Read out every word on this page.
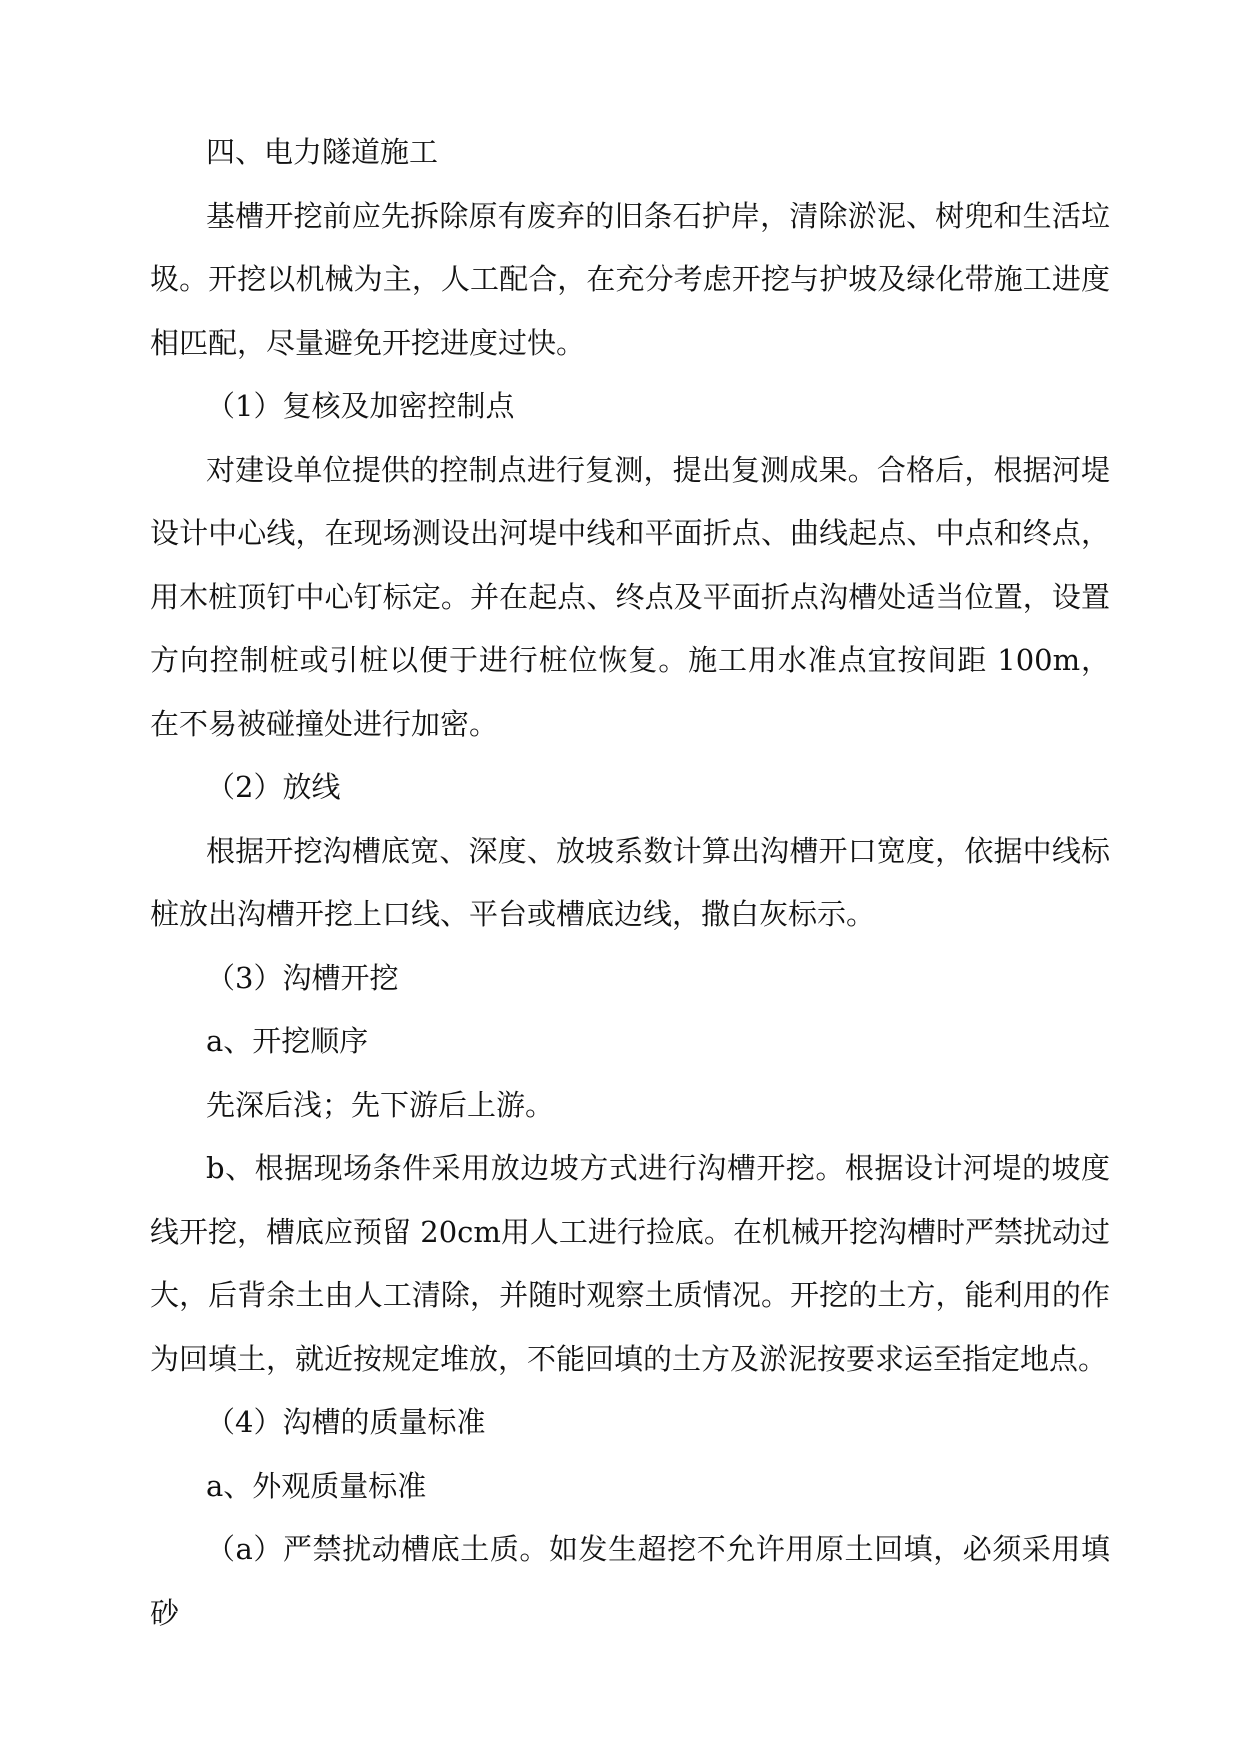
四、电力隧道施工

基槽开挖前应先拆除原有废弃的旧条石护岸，清除淤泥、树兜和生活垃圾。开挖以机械为主，人工配合，在充分考虑开挖与护坡及绿化带施工进度相匹配，尽量避免开挖进度过快。

（1）复核及加密控制点

对建设单位提供的控制点进行复测，提出复测成果。合格后，根据河堤设计中心线，在现场测设出河堤中线和平面折点、曲线起点、中点和终点，用木桩顶钉中心钉标定。并在起点、终点及平面折点沟槽处适当位置，设置方向控制桩或引桩以便于进行桩位恢复。施工用水准点宜按间距 100m，在不易被碰撞处进行加密。

（2）放线

根据开挖沟槽底宽、深度、放坡系数计算出沟槽开口宽度，依据中线标桩放出沟槽开挖上口线、平台或槽底边线，撒白灰标示。

（3）沟槽开挖

a、开挖顺序

先深后浅；先下游后上游。

b、根据现场条件采用放边坡方式进行沟槽开挖。根据设计河堤的坡度线开挖，槽底应预留 20cm用人工进行捡底。在机械开挖沟槽时严禁扰动过大，后背余土由人工清除，并随时观察土质情况。开挖的土方，能利用的作为回填土，就近按规定堆放，不能回填的土方及淤泥按要求运至指定地点。

（4）沟槽的质量标准

a、外观质量标准

（a）严禁扰动槽底土质。如发生超挖不允许用原土回填，必须采用填砂
